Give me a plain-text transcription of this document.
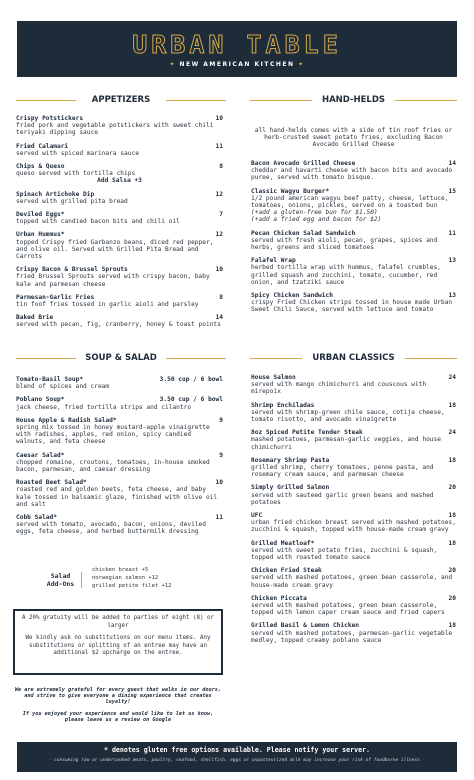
URBAN TABLE
✦ NEW AMERICAN KITCHEN ✦
APPETIZERS
Crispy Potstickers	10
fried pork and vegetable potstickers with sweet chili teriyaki dipping sauce
Fried Calamari	11
served with spiced marinara sauce
Chips & Queso	8
queso served with tortilla chips
Add Salsa +3
Spinach Artichoke Dip	12
served with grilled pita bread
Deviled Eggs*	7
topped with candied bacon bits and chili oil
Urban Hummus*	12
topped Crispy fried Garbanzo beans, diced red pepper, and olive oil. Served with Grilled Pita Bread and Carrots
Crispy Bacon & Brussel Sprouts	10
fried Brussel Sprouts served with crispy bacon, baby kale and parmesan cheese
Parmesan-Garlic Fries	8
tin foof fries tossed in garlic aioli and parsley
Baked Brie	14
served with pecan, fig, cranberry, honey & toast points
SOUP & SALAD
Tomato-Basil Soup*	3.50 cup / 6 bowl
blend of spices and cream
Poblano Soup*	3.50 cup / 6 bowl
jack cheese, fried tortilla strips and cilantro
House Apple & Radish Salad*	9
spring mix tossed in honey mustard-apple vinaigrette with radishes, apples, red onion, spicy candied walnuts, and feta cheese
Caesar Salad*	9
chopped romaine, croutons, tomatoes, in-house smoked bacon, parmesan, and caesar dressing
Roasted Beet Salad*	10
roasted red and golden beets, feta cheese, and baby kale tossed in balsamic glaze, finished with olive oil and salt
Cobb Salad*	11
served with tomato, avocado, bacon, onions, deviled eggs, feta cheese, and herbed buttermilk dressing
Salad Add-Ons
chicken breast +5
norwegian salmon +12
grilled petite filet +12

A 20% gratuity will be added to parties of eight (8) or larger

We kindly ask no substitutions on our menu items. Any substitutions or splitting of an entree may have an additional $2 upcharge on the entree.

We are extremely grateful for every guest that walks in our doors, and strive to give everyone a dining experience that creates loyalty!

If you enjoyed your experience and would like to let us know, please leave us a review on Google

HAND-HELDS
all hand-helds comes with a side of tin roof fries or herb-crusted sweet potato fries, excluding Bacon Avocado Grilled Cheese
Bacon Avocado Grilled Cheese	14
cheddar and havarti cheese with bacon bits and avocado puree, served with tomato bisque.
Classic Wagyu Burger*	15
1/2 pound american wagyu beef patty, cheese, lettuce, tomatoes, onions, pickles, served on a toasted bun
(+add a gluten-free bun for $1.50)
(+add a fried egg and bacon for $2)
Pecan Chicken Salad Sandwich	11
served with fresh aioli, pecan, grapes, spices and herbs, greens and sliced tomatoes
Falafel Wrap	13
herbed tortilla wrap with hummus, falafel crumbles, grilled squash and zucchini, tomato, cucumber, red onion, and tzatziki sauce
Spicy Chicken Sandwich	13
crispy Fried Chicken strips tossed in house made Urban Sweet Chili Sauce, served with lettuce and tomato
URBAN CLASSICS
House Salmon	24
served with mango chimichurri and couscous with mirepoix
Shrimp Enchiladas	18
served with shrimp-green chile sauce, cotija cheese, tomato risotto, and avocado vinaigrette
8oz Spiced Petite Tender Steak	24
mashed potatoes, parmesan-garlic veggies, and house chimichurri
Rosemary Shrimp Pasta	18
grilled shrimp, cherry tomatoes, penne pasta, and rosemary cream sauce, and parmesan cheese
Simply Grilled Salmon	20
served with sauteed garlic green beans and mashed potatoes
UFC	18
urban fried chicken breast served with mashed potatoes, zucchini & squash, topped with house-made cream gravy
Grilled Meatloaf*	18
served with sweet potato fries, zucchini & squash, topped with roasted tomato sauce
Chicken Fried Steak	20
served with mashed potatoes, green bean casserole, and house-made cream gravy
Chicken Piccata	20
served with mashed potatoes, green bean casserole, topped with lemon caper cream sauce and fried capers
Grilled Basil & Lemon Chicken	18
served with mashed potatoes, parmesan-garlic vegetable medley, topped creamy poblano sauce
* denotes gluten free options available. Please notify your server.
- consuming raw or undercooked meats, poultry, seafood, shellfish, eggs or unpasteurized milk may increase your risk of foodborne illness -
